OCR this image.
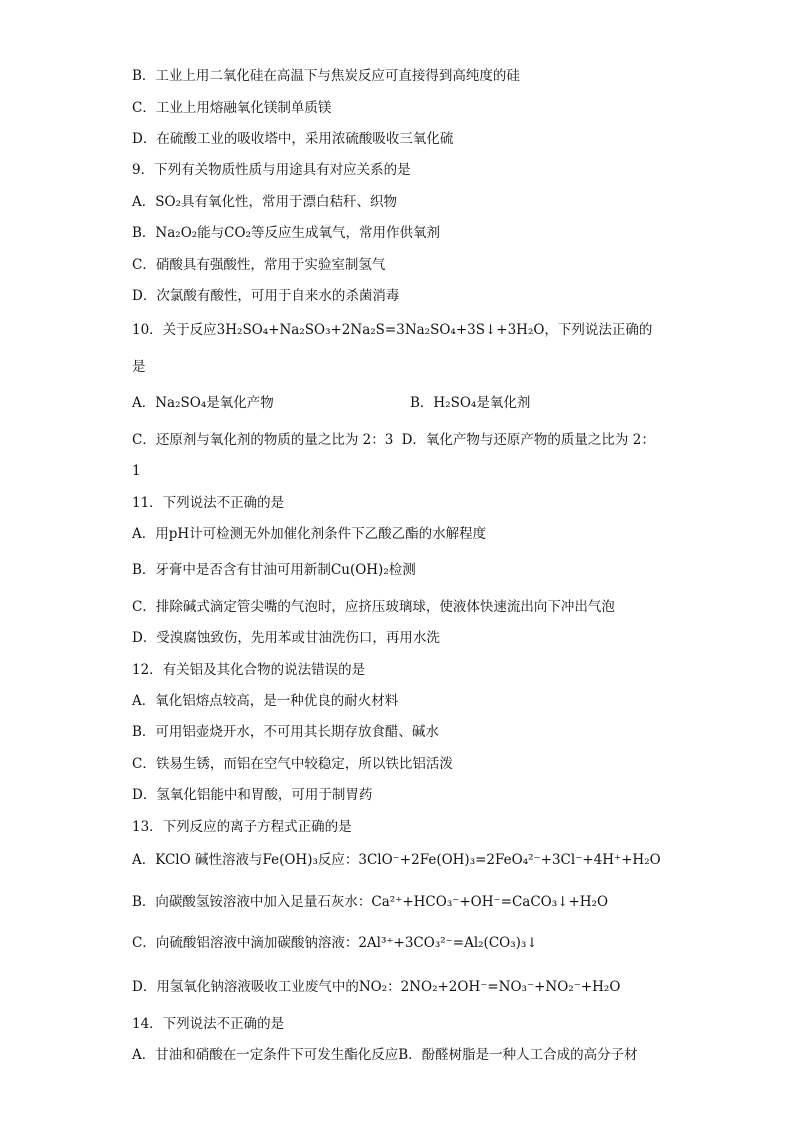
B．工业上用二氧化硅在高温下与焦炭反应可直接得到高纯度的硅
C．工业上用熔融氧化镁制单质镁
D．在硫酸工业的吸收塔中，采用浓硫酸吸收三氧化硫
9．下列有关物质性质与用途具有对应关系的是
A．SO₂具有氧化性，常用于漂白秸秆、织物
B．Na₂O₂能与CO₂等反应生成氧气，常用作供氧剂
C．硝酸具有强酸性，常用于实验室制氢气
D．次氯酸有酸性，可用于自来水的杀菌消毒
10．关于反应3H₂SO₄+Na₂SO₃+2Na₂S=3Na₂SO₄+3S↓+3H₂O，下列说法正确的
是
A．Na₂SO₄是氧化产物	B．H₂SO₄是氧化剂
C．还原剂与氧化剂的物质的量之比为 2：3 D．氧化产物与还原产物的质量之比为 2：
1
11．下列说法不正确的是
A．用pH计可检测无外加催化剂条件下乙酸乙酯的水解程度
B．牙膏中是否含有甘油可用新制Cu(OH)₂检测
C．排除碱式滴定管尖嘴的气泡时，应挤压玻璃球，使液体快速流出向下冲出气泡
D．受溴腐蚀致伤，先用苯或甘油洗伤口，再用水洗
12．有关铝及其化合物的说法错误的是
A．氧化铝熔点较高，是一种优良的耐火材料
B．可用铝壶烧开水，不可用其长期存放食醋、碱水
C．铁易生锈，而铝在空气中较稳定，所以铁比铝活泼
D．氢氧化铝能中和胃酸，可用于制胃药
13．下列反应的离子方程式正确的是
A．KClO 碱性溶液与Fe(OH)₃反应：3ClO⁻+2Fe(OH)₃=2FeO₄²⁻+3Cl⁻+4H⁺+H₂O
B．向碳酸氢铵溶液中加入足量石灰水：Ca²⁺+HCO₃⁻+OH⁻=CaCO₃↓+H₂O
C．向硫酸铝溶液中滴加碳酸钠溶液：2Al³⁺+3CO₃²⁻=Al₂(CO₃)₃↓
D．用氢氧化钠溶液吸收工业废气中的NO₂：2NO₂+2OH⁻=NO₃⁻+NO₂⁻+H₂O
14．下列说法不正确的是
A．甘油和硝酸在一定条件下可发生酯化反应B．酚醛树脂是一种人工合成的高分子材
